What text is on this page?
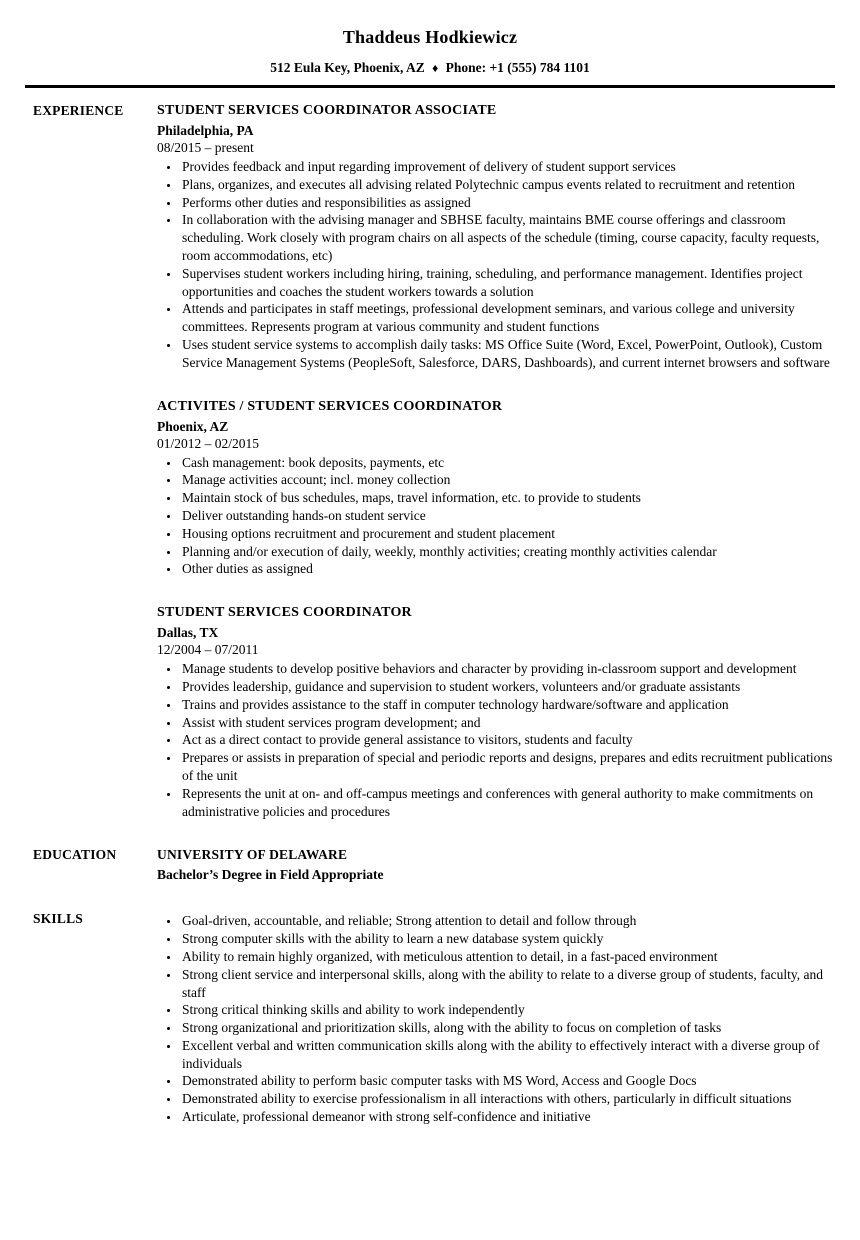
Thaddeus Hodkiewicz
512 Eula Key, Phoenix, AZ ♦ Phone: +1 (555) 784 1101
EXPERIENCE	STUDENT SERVICES COORDINATOR ASSOCIATE
Philadelphia, PA
08/2015 – present
• Provides feedback and input regarding improvement of delivery of student support services
• Plans, organizes, and executes all advising related Polytechnic campus events related to recruitment and retention
• Performs other duties and responsibilities as assigned
• In collaboration with the advising manager and SBHSE faculty, maintains BME course offerings and classroom scheduling. Work closely with program chairs on all aspects of the schedule (timing, course capacity, faculty requests, room accommodations, etc)
• Supervises student workers including hiring, training, scheduling, and performance management. Identifies project opportunities and coaches the student workers towards a solution
• Attends and participates in staff meetings, professional development seminars, and various college and university committees. Represents program at various community and student functions
• Uses student service systems to accomplish daily tasks: MS Office Suite (Word, Excel, PowerPoint, Outlook), Custom Service Management Systems (PeopleSoft, Salesforce, DARS, Dashboards), and current internet browsers and software
ACTIVITES / STUDENT SERVICES COORDINATOR
Phoenix, AZ
01/2012 – 02/2015
• Cash management: book deposits, payments, etc
• Manage activities account; incl. money collection
• Maintain stock of bus schedules, maps, travel information, etc. to provide to students
• Deliver outstanding hands-on student service
• Housing options recruitment and procurement and student placement
• Planning and/or execution of daily, weekly, monthly activities; creating monthly activities calendar
• Other duties as assigned
STUDENT SERVICES COORDINATOR
Dallas, TX
12/2004 – 07/2011
• Manage students to develop positive behaviors and character by providing in-classroom support and development
• Provides leadership, guidance and supervision to student workers, volunteers and/or graduate assistants
• Trains and provides assistance to the staff in computer technology hardware/software and application
• Assist with student services program development; and
• Act as a direct contact to provide general assistance to visitors, students and faculty
• Prepares or assists in preparation of special and periodic reports and designs, prepares and edits recruitment publications of the unit
• Represents the unit at on- and off-campus meetings and conferences with general authority to make commitments on administrative policies and procedures
EDUCATION	UNIVERSITY OF DELAWARE
Bachelor’s Degree in Field Appropriate
SKILLS	• Goal-driven, accountable, and reliable; Strong attention to detail and follow through
• Strong computer skills with the ability to learn a new database system quickly
• Ability to remain highly organized, with meticulous attention to detail, in a fast-paced environment
• Strong client service and interpersonal skills, along with the ability to relate to a diverse group of students, faculty, and staff
• Strong critical thinking skills and ability to work independently
• Strong organizational and prioritization skills, along with the ability to focus on completion of tasks
• Excellent verbal and written communication skills along with the ability to effectively interact with a diverse group of individuals
• Demonstrated ability to perform basic computer tasks with MS Word, Access and Google Docs
• Demonstrated ability to exercise professionalism in all interactions with others, particularly in difficult situations
• Articulate, professional demeanor with strong self-confidence and initiative
